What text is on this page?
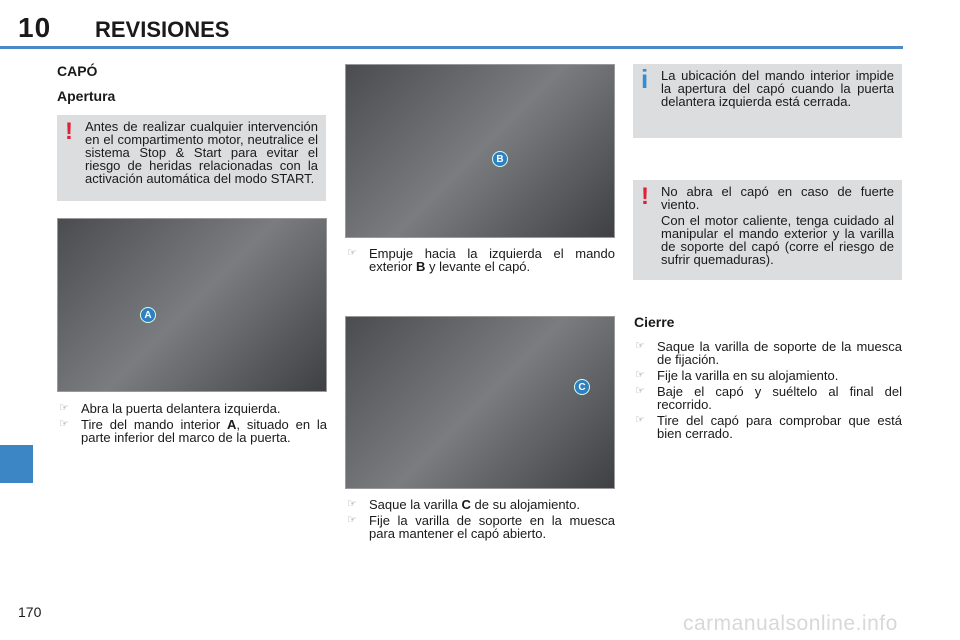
10 REVISIONES
CAPÓ
Apertura
! Antes de realizar cualquier intervención en el compartimento motor, neutralice el sistema Stop & Start para evitar el riesgo de heridas relacionadas con la activación automática del modo START.

A
☞ Abra la puerta delantera izquierda.
☞ Tire del mando interior A, situado en la parte inferior del marco de la puerta.
B
☞ Empuje hacia la izquierda el mando exterior B y levante el capó.
C
☞ Saque la varilla C de su alojamiento.
☞ Fije la varilla de soporte en la muesca para mantener el capó abierto.
i La ubicación del mando interior impide la apertura del capó cuando la puerta delantera izquierda está cerrada.

! No abra el capó en caso de fuerte viento.

Con el motor caliente, tenga cuidado al manipular el mando exterior y la varilla de soporte del capó (corre el riesgo de sufrir quemaduras).

Cierre
☞ Saque la varilla de soporte de la muesca de fijación.
☞ Fije la varilla en su alojamiento.
☞ Baje el capó y suéltelo al final del recorrido.
☞ Tire del capó para comprobar que está bien cerrado.
170	carmanualsonline.info
